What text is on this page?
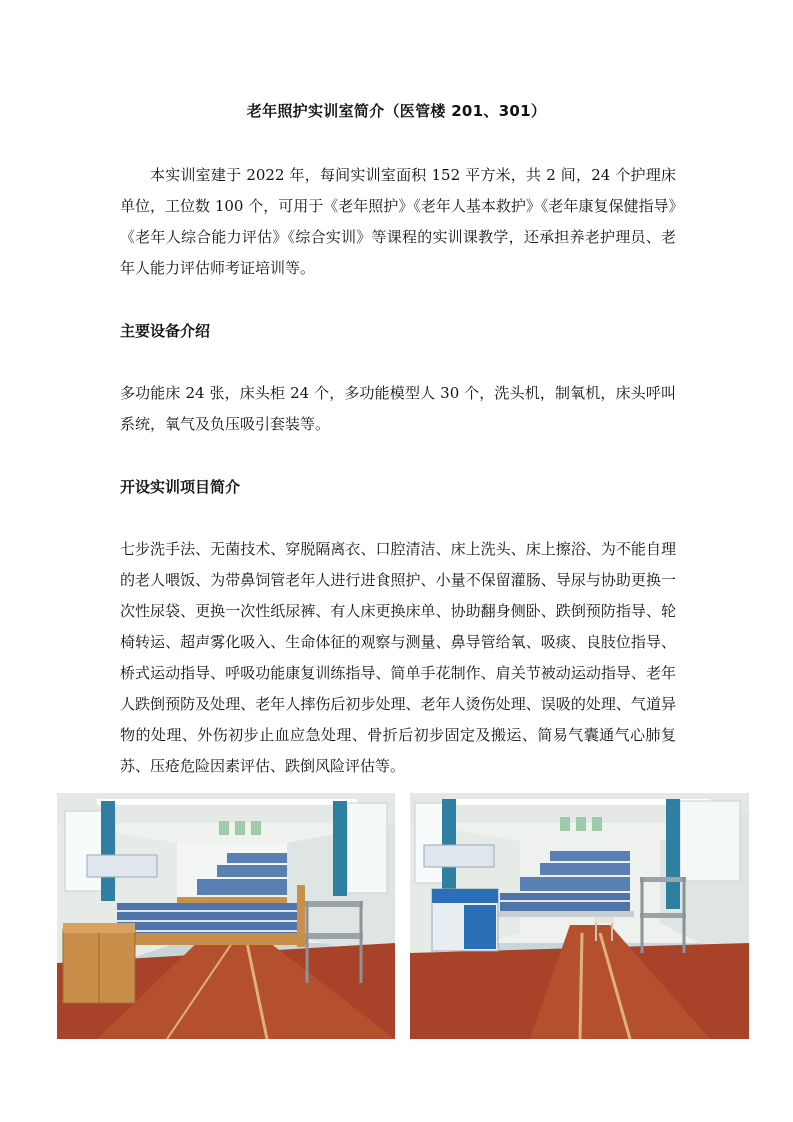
老年照护实训室简介（医管楼 201、301）
本实训室建于 2022 年，每间实训室面积 152 平方米，共 2 间，24 个护理床单位，工位数 100 个，可用于《老年照护》《老年人基本救护》《老年康复保健指导》《老年人综合能力评估》《综合实训》等课程的实训课教学，还承担养老护理员、老年人能力评估师考证培训等。
主要设备介绍
多功能床 24 张，床头柜 24 个，多功能模型人 30 个，洗头机，制氧机，床头呼叫系统，氧气及负压吸引套装等。
开设实训项目简介
七步洗手法、无菌技术、穿脱隔离衣、口腔清洁、床上洗头、床上擦浴、为不能自理的老人喂饭、为带鼻饲管老年人进行进食照护、小量不保留灌肠、导尿与协助更换一次性尿袋、更换一次性纸尿裤、有人床更换床单、协助翻身侧卧、跌倒预防指导、轮椅转运、超声雾化吸入、生命体征的观察与测量、鼻导管给氧、吸痰、良肢位指导、桥式运动指导、呼吸功能康复训练指导、简单手花制作、肩关节被动运动指导、老年人跌倒预防及处理、老年人摔伤后初步处理、老年人烫伤处理、误吸的处理、气道异物的处理、外伤初步止血应急处理、骨折后初步固定及搬运、简易气囊通气心肺复苏、压疮危险因素评估、跌倒风险评估等。
